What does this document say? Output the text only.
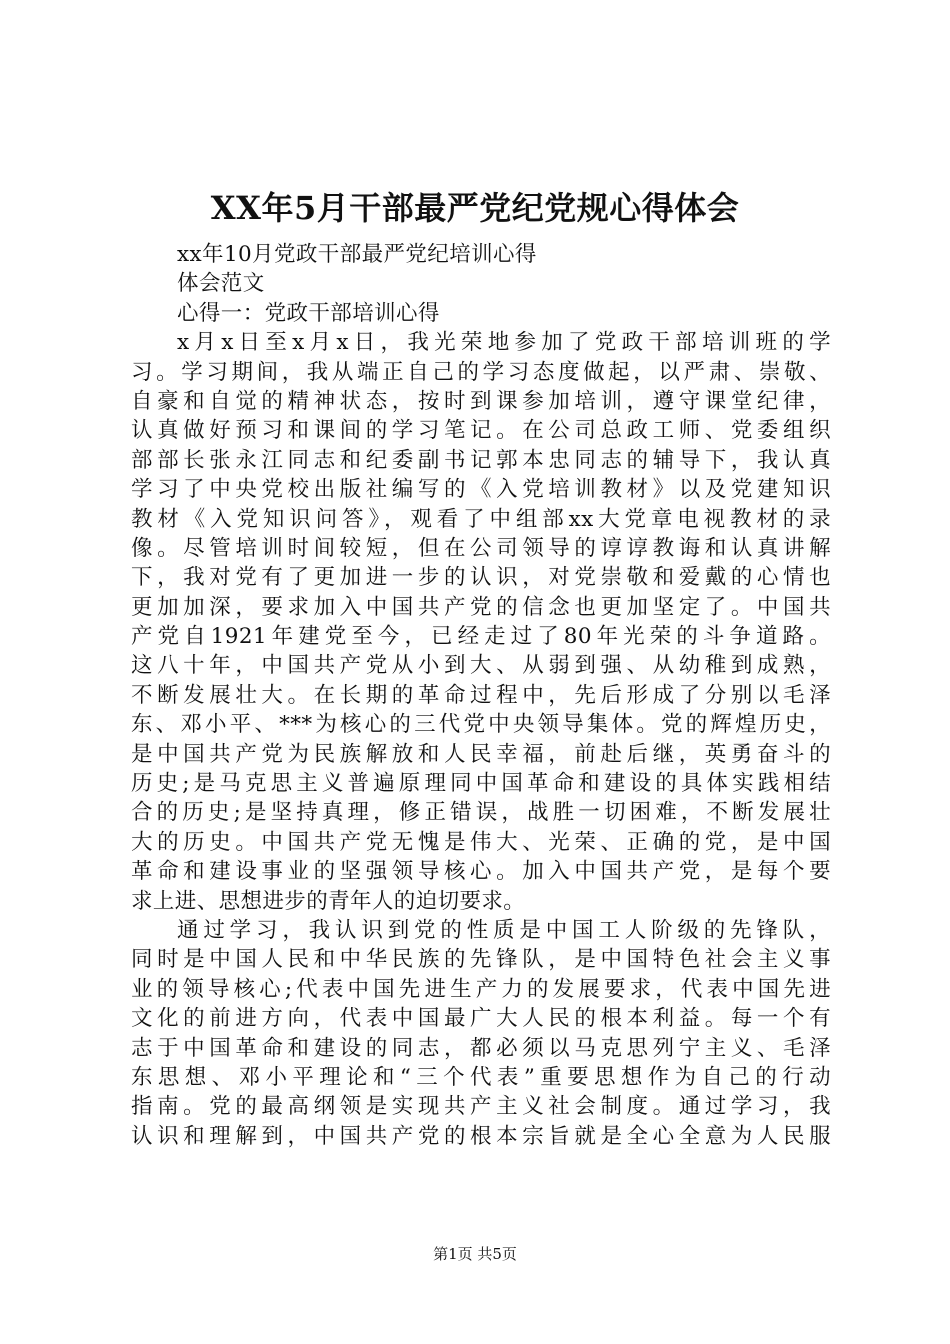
XX年5月干部最严党纪党规心得体会
xx年10月党政干部最严党纪培训心得
体会范文
心得一：党政干部培训心得
x月x日至x月x日，我光荣地参加了党政干部培训班的学
习。学习期间，我从端正自己的学习态度做起，以严肃、崇敬、
自豪和自觉的精神状态，按时到课参加培训，遵守课堂纪律，
认真做好预习和课间的学习笔记。在公司总政工师、党委组织
部部长张永江同志和纪委副书记郭本忠同志的辅导下，我认真
学习了中央党校出版社编写的《入党培训教材》以及党建知识
教材《入党知识问答》，观看了中组部xx大党章电视教材的录
像。尽管培训时间较短，但在公司领导的谆谆教诲和认真讲解
下，我对党有了更加进一步的认识，对党崇敬和爱戴的心情也
更加加深，要求加入中国共产党的信念也更加坚定了。中国共
产党自1921年建党至今，已经走过了80年光荣的斗争道路。
这八十年，中国共产党从小到大、从弱到强、从幼稚到成熟，
不断发展壮大。在长期的革命过程中，先后形成了分别以毛泽
东、邓小平、***为核心的三代党中央领导集体。党的辉煌历史，
是中国共产党为民族解放和人民幸福，前赴后继，英勇奋斗的
历史;是马克思主义普遍原理同中国革命和建设的具体实践相结
合的历史;是坚持真理，修正错误，战胜一切困难，不断发展壮
大的历史。中国共产党无愧是伟大、光荣、正确的党，是中国
革命和建设事业的坚强领导核心。加入中国共产党，是每个要
求上进、思想进步的青年人的迫切要求。
通过学习，我认识到党的性质是中国工人阶级的先锋队，
同时是中国人民和中华民族的先锋队，是中国特色社会主义事
业的领导核心;代表中国先进生产力的发展要求，代表中国先进
文化的前进方向，代表中国最广大人民的根本利益。每一个有
志于中国革命和建设的同志，都必须以马克思列宁主义、毛泽
东思想、邓小平理论和“三个代表”重要思想作为自己的行动
指南。党的最高纲领是实现共产主义社会制度。通过学习，我
认识和理解到，中国共产党的根本宗旨就是全心全意为人民服
第1页 共5页
